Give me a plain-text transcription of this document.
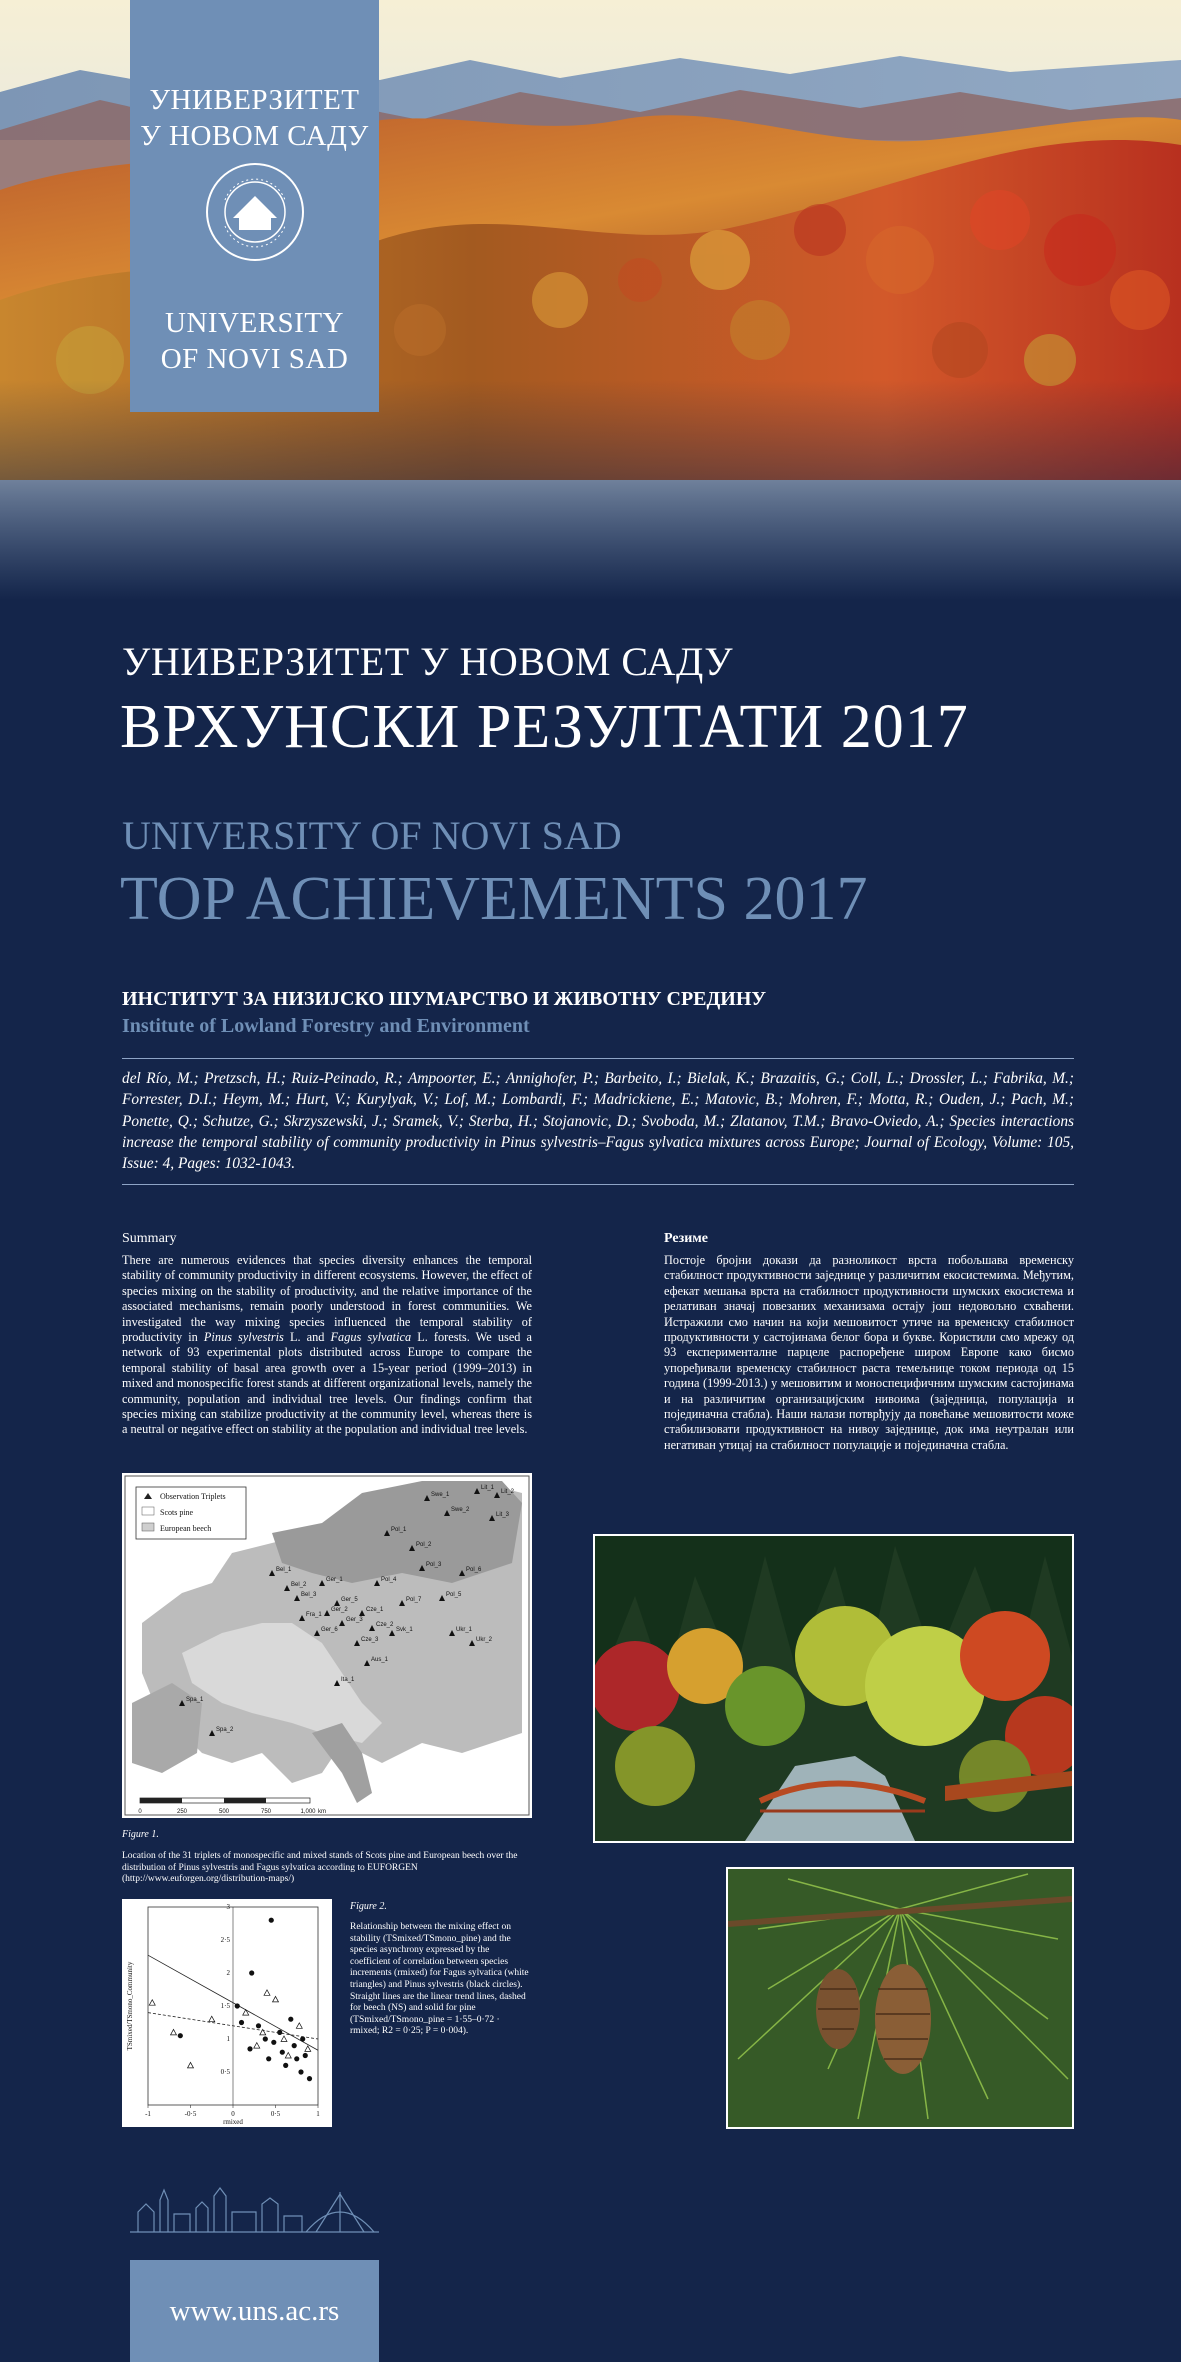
УНИВЕРЗИТЕТ
У НОВОМ САДУ
UNIVERSITY
OF NOVI SAD
УНИВЕРЗИТЕТ У НОВОМ САДУ
ВРХУНСКИ РЕЗУЛТАТИ 2017
UNIVERSITY OF NOVI SAD
TOP ACHIEVEMENTS 2017
ИНСТИТУТ ЗА НИЗИЈСКО ШУМАРСТВО И ЖИВОТНУ СРЕДИНУ
Institute of Lowland Forestry and Environment
del Río, M.; Pretzsch, H.; Ruiz-Peinado, R.; Ampoorter, E.; Annighofer, P.; Barbeito, I.; Bielak, K.; Brazaitis, G.; Coll, L.; Drossler, L.; Fabrika, M.; Forrester, D.I.; Heym, M.; Hurt, V.; Kurylyak, V.; Lof, M.; Lombardi, F.; Madrickiene, E.; Matovic, B.; Mohren, F.; Motta, R.; Ouden, J.; Pach, M.; Ponette, Q.; Schutze, G.; Skrzyszewski, J.; Sramek, V.; Sterba, H.; Stojanovic, D.; Svoboda, M.; Zlatanov, T.M.; Bravo-Oviedo, A.; Species interactions increase the temporal stability of community productivity in Pinus sylvestris–Fagus sylvatica mixtures across Europe; Journal of Ecology, Volume: 105, Issue: 4, Pages: 1032-1043.
Summary
There are numerous evidences that species diversity enhances the temporal stability of community productivity in different ecosystems. However, the effect of species mixing on the stability of productivity, and the relative importance of the associated mechanisms, remain poorly understood in forest communities. We investigated the way mixing species influenced the temporal stability of productivity in Pinus sylvestris L. and Fagus sylvatica L. forests. We used a network of 93 experimental plots distributed across Europe to compare the temporal stability of basal area growth over a 15-year period (1999–2013) in mixed and monospecific forest stands at different organizational levels, namely the community, population and individual tree levels. Our findings confirm that species mixing can stabilize productivity at the community level, whereas there is a neutral or negative effect on stability at the population and individual tree levels.
Резиме
Постоје бројни докази да разноликост врста побољшава временску стабилност продуктивности заједнице у различитим екосистемима. Међутим, ефекат мешања врста на стабилност продуктивности шумских екосистема и релативан значај повезаних механизама остају још недовољно схваћени. Истражили смо начин на који мешовитост утиче на временску стабилност продуктивности у састојинама белог бора и букве. Користили смо мрежу од 93 експерименталне парцеле распоређене широм Европе како бисмо упоређивали временску стабилност раста темељнице током периода од 15 година (1999-2013.) у мешовитим и моноспецифичним шумским састојинама и на различитим организацијским нивоима (заједница, популација и појединачна стабла). Наши налази потврђују да повећање мешовитости може стабилизовати продуктивност на нивоу заједнице, док има неутралан или негативан утицај на стабилност популације и појединачна стабла.
Observation Triplets
Scots pine
European beech
Swe_1
Swe_2
Lit_1
Lit_2
Lit_3
Pol_1
Pol_2
Pol_3
Pol_4
Pol_5
Pol_6
Pol_7
Bel_1
Bel_2
Bel_3
Ger_1
Ger_2
Ger_3
Ger_5
Ger_6
Fra_1
Cze_1
Cze_2
Cze_3
Svk_1	Ukr_1
Ukr_2
Aus_1
Ita_1
Spa_1
Spa_2
0	250	500	750	1,000 km
Figure 1.
Location of the 31 triplets of monospecific and mixed stands of Scots pine and European beech over the distribution of Pinus sylvestris and Fagus sylvatica according to EUFORGEN (http://www.euforgen.org/distribution-maps/)
-1	-0·5	0	0·5	1
0·5
1
1·5
2
2·5
3
TSmixed/TSmono_Community
rmixed
Figure 2.
Relationship between the mixing effect on stability (TSmixed/TSmono_pine) and the species asynchrony expressed by the coefficient of correlation between species increments (rmixed) for Fagus sylvatica (white triangles) and Pinus sylvestris (black circles). Straight lines are the linear trend lines, dashed for beech (NS) and solid for pine (TSmixed/TSmono_pine = 1·55–0·72 · rmixed; R2 = 0·25; P = 0·004).
www.uns.ac.rs
